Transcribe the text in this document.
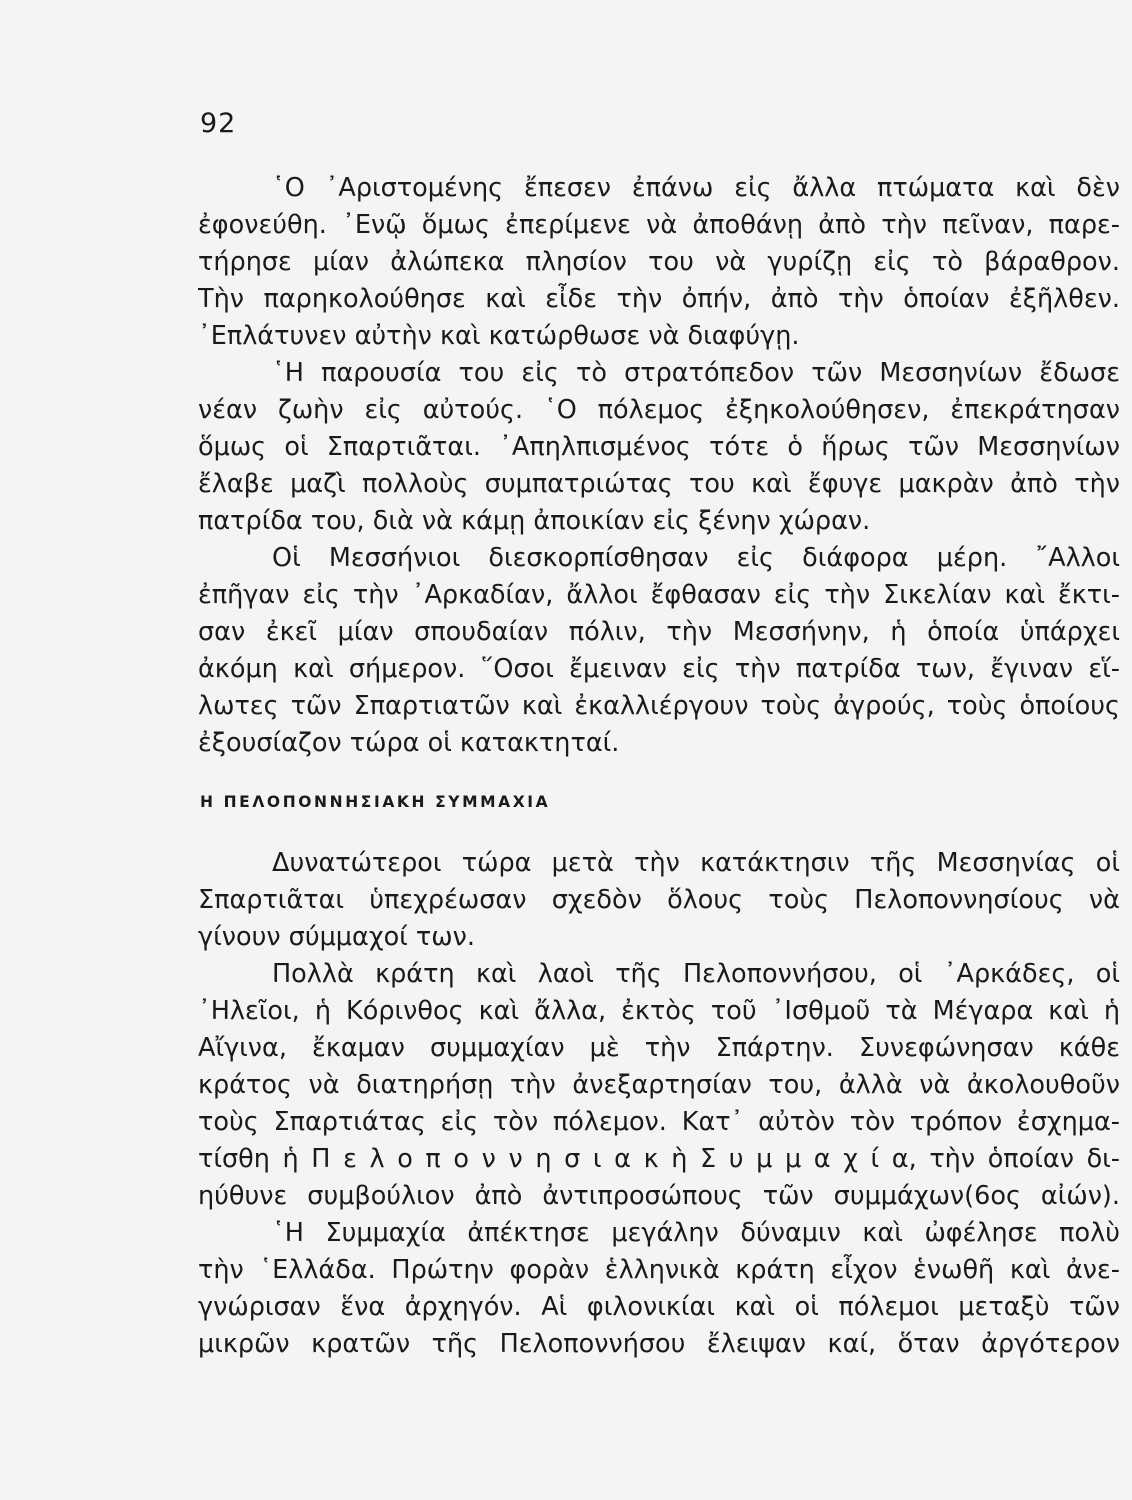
92
῾Ο ᾿Αριστομένης ἔπεσεν ἐπάνω εἰς ἄλλα πτώματα καὶ δὲν
ἐφονεύθη. ᾿Ενῷ ὅμως ἐπερίμενε νὰ ἀποθάνῃ ἀπὸ τὴν πεῖναν, παρε-
τήρησε μίαν ἀλώπεκα πλησίον του νὰ γυρίζῃ εἰς τὸ βάραθρον.
Τὴν παρηκολούθησε καὶ εἶδε τὴν ὀπήν, ἀπὸ τὴν ὁποίαν ἐξῆλθεν.
᾿Επλάτυνεν αὐτὴν καὶ κατώρθωσε νὰ διαφύγῃ.
῾Η παρουσία του εἰς τὸ στρατόπεδον τῶν Μεσσηνίων ἔδωσε
νέαν ζωὴν εἰς αὐτούς. ῾Ο πόλεμος ἐξηκολούθησεν, ἐπεκράτησαν
ὅμως οἱ Σπαρτιᾶται. ᾿Απηλπισμένος τότε ὁ ἥρως τῶν Μεσσηνίων
ἔλαβε μαζὶ πολλοὺς συμπατριώτας του καὶ ἔφυγε μακρὰν ἀπὸ τὴν
πατρίδα του, διὰ νὰ κάμῃ ἀποικίαν εἰς ξένην χώραν.
Οἱ Μεσσήνιοι διεσκορπίσθησαν εἰς διάφορα μέρη. ῎Αλλοι
ἐπῆγαν εἰς τὴν ᾿Αρκαδίαν, ἄλλοι ἔφθασαν εἰς τὴν Σικελίαν καὶ ἔκτι-
σαν ἐκεῖ μίαν σπουδαίαν πόλιν, τὴν Μεσσήνην, ἡ ὁποία ὑπάρχει
ἀκόμη καὶ σήμερον. ῞Οσοι ἔμειναν εἰς τὴν πατρίδα των, ἔγιναν εἵ-
λωτες τῶν Σπαρτιατῶν καὶ ἐκαλλιέργουν τοὺς ἀγρούς, τοὺς ὁποίους
ἐξουσίαζον τώρα οἱ κατακτηταί.
Η ΠΕΛΟΠΟΝΝΗΣΙΑΚΗ ΣΥΜΜΑΧΙΑ
Δυνατώτεροι τώρα μετὰ τὴν κατάκτησιν τῆς Μεσσηνίας οἱ
Σπαρτιᾶται ὑπεχρέωσαν σχεδὸν ὅλους τοὺς Πελοποννησίους νὰ
γίνουν σύμμαχοί των.
Πολλὰ κράτη καὶ λαοὶ τῆς Πελοποννήσου, οἱ ᾿Αρκάδες, οἱ
᾿Ηλεῖοι, ἡ Κόρινθος καὶ ἄλλα, ἐκτὸς τοῦ ᾿Ισθμοῦ τὰ Μέγαρα καὶ ἡ
Αἴγινα, ἔκαμαν συμμαχίαν μὲ τὴν Σπάρτην. Συνεφώνησαν κάθε
κράτος νὰ διατηρήσῃ τὴν ἀνεξαρτησίαν του, ἀλλὰ νὰ ἀκολουθοῦν
τοὺς Σπαρτιάτας εἰς τὸν πόλεμον. Κατ᾿ αὐτὸν τὸν τρόπον ἐσχημα-
τίσθη ἡ Π ε λ ο π ο ν ν η σ ι α κ ὴ Σ υ μ μ α χ ί α, τὴν ὁποίαν δι-
ηύθυνε συμβούλιον ἀπὸ ἀντιπροσώπους τῶν συμμάχων(6ος αἰών).
῾Η Συμμαχία ἀπέκτησε μεγάλην δύναμιν καὶ ὠφέλησε πολὺ
τὴν ῾Ελλάδα. Πρώτην φορὰν ἑλληνικὰ κράτη εἶχον ἑνωθῆ καὶ ἀνε-
γνώρισαν ἕνα ἀρχηγόν. Αἱ φιλονικίαι καὶ οἱ πόλεμοι μεταξὺ τῶν
μικρῶν κρατῶν τῆς Πελοποννήσου ἔλειψαν καί, ὅταν ἀργότερον
